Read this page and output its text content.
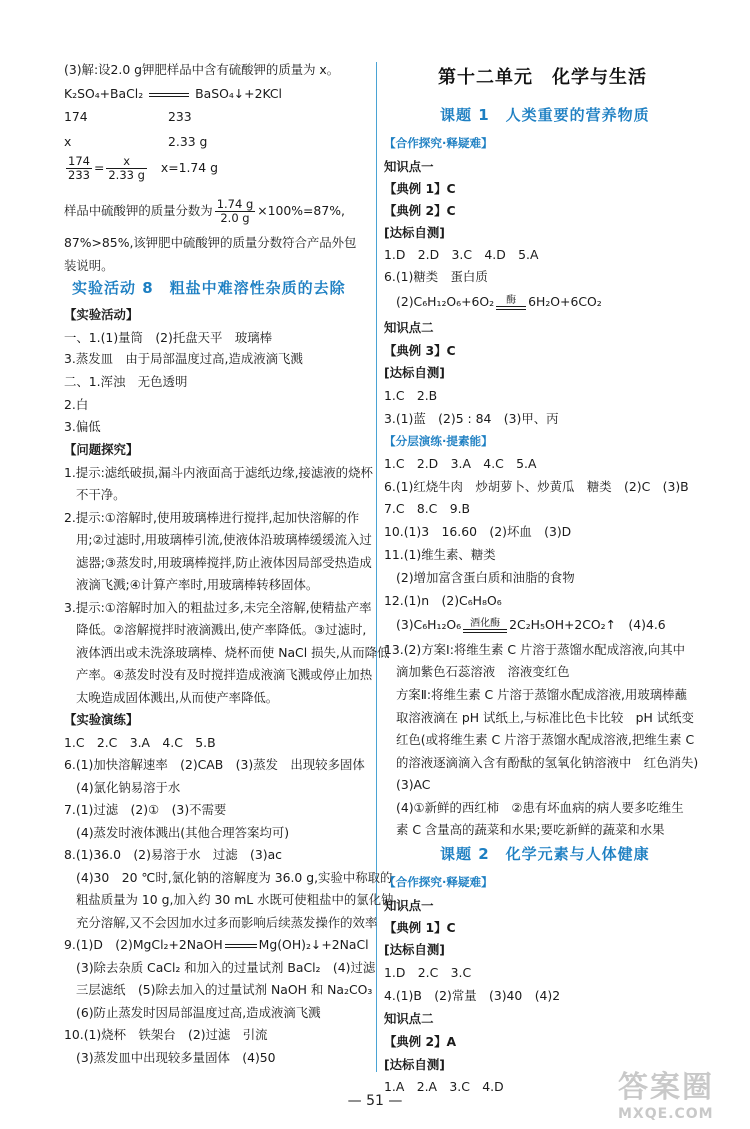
(3)解:设2.0 g钾肥样品中含有硫酸钾的质量为 x。
K₂SO₄+BaCl₂	BaSO₄↓+2KCl
174	233
x	2.33 g
$\frac{174}{233} = \frac{x}{2.33 g} x=1.74$ g
样品中硫酸钾的质量分数为 $\frac{1.74 g}{2.0 g} \times 100\%=87\%$,
87%>85%,该钾肥中硫酸钾的质量分数符合产品外包
装说明。
实验活动 8　粗盐中难溶性杂质的去除
【实验活动】
一、1.(1)量筒　(2)托盘天平　玻璃棒
3.蒸发皿　由于局部温度过高,造成液滴飞溅
二、1.浑浊　无色透明
2.白
3.偏低
【问题探究】
1.提示:滤纸破损,漏斗内液面高于滤纸边缘,接滤液的烧杯
不干净。
2.提示:①溶解时,使用玻璃棒进行搅拌,起加快溶解的作
用;②过滤时,用玻璃棒引流,使液体沿玻璃棒缓缓流入过
滤器;③蒸发时,用玻璃棒搅拌,防止液体因局部受热造成
液滴飞溅;④计算产率时,用玻璃棒转移固体。
3.提示:①溶解时加入的粗盐过多,未完全溶解,使精盐产率
降低。②溶解搅拌时液滴溅出,使产率降低。③过滤时,
液体洒出或未洗涤玻璃棒、烧杯而使 NaCl 损失,从而降低
产率。④蒸发时没有及时搅拌造成液滴飞溅或停止加热
太晚造成固体溅出,从而使产率降低。
【实验演练】
1.C　2.C　3.A　4.C　5.B
6.(1)加快溶解速率　(2)CAB　(3)蒸发　出现较多固体
(4)氯化钠易溶于水
7.(1)过滤　(2)①　(3)不需要
(4)蒸发时液体溅出(其他合理答案均可)
8.(1)36.0　(2)易溶于水　过滤　(3)ac
(4)30　20 ℃时,氯化钠的溶解度为 36.0 g,实验中称取的
粗盐质量为 10 g,加入约 30 mL 水既可使粗盐中的氯化钠
充分溶解,又不会因加水过多而影响后续蒸发操作的效率
9.(1)D　(2)MgCl₂+2NaOH	Mg(OH)₂↓+2NaCl
(3)除去杂质 CaCl₂ 和加入的过量试剂 BaCl₂　(4)过滤
三层滤纸　(5)除去加入的过量试剂 NaOH 和 Na₂CO₃
(6)防止蒸发时因局部温度过高,造成液滴飞溅
10.(1)烧杯　铁架台　(2)过滤　引流
(3)蒸发皿中出现较多量固体　(4)50
第十二单元　化学与生活
课题 1　人类重要的营养物质
【合作探究·释疑难】
知识点一
【典例 1】C
【典例 2】C
[达标自测]
1.D　2.D　3.C　4.D　5.A
6.(1)糖类　蛋白质
(2)C₆H₁₂O₆+6O₂	酶 6H₂O+6CO₂
知识点二
【典例 3】C
[达标自测]
1.C　2.B
3.(1)蓝　(2)5 : 84　(3)甲、丙
【分层演练·提素能】
1.C　2.D　3.A　4.C　5.A
6.(1)红烧牛肉　炒胡萝卜、炒黄瓜　糖类　(2)C　(3)B
7.C　8.C　9.B
10.(1)3　16.60　(2)坏血　(3)D
11.(1)维生素、糖类
(2)增加富含蛋白质和油脂的食物
12.(1)n　(2)C₆H₈O₆
(3)C₆H₁₂O₆ 酒化酶 2C₂H₅OH+2CO₂↑　(4)4.6
13.(2)方案Ⅰ:将维生素 C 片溶于蒸馏水配成溶液,向其中
滴加紫色石蕊溶液　溶液变红色
方案Ⅱ:将维生素 C 片溶于蒸馏水配成溶液,用玻璃棒蘸
取溶液滴在 pH 试纸上,与标准比色卡比较　pH 试纸变
红色(或将维生素 C 片溶于蒸馏水配成溶液,把维生素 C
的溶液逐滴滴入含有酚酞的氢氧化钠溶液中　红色消失)
(3)AC
(4)①新鲜的西红柿　②患有坏血病的病人要多吃维生
素 C 含量高的蔬菜和水果;要吃新鲜的蔬菜和水果
课题 2　化学元素与人体健康
【合作探究·释疑难】
知识点一
【典例 1】C
[达标自测]
1.D　2.C　3.C
4.(1)B　(2)常量　(3)40　(4)2
知识点二
【典例 2】A
[达标自测]
1.A　2.A　3.C　4.D
— 51 —	答案圈
MXQE.COM
